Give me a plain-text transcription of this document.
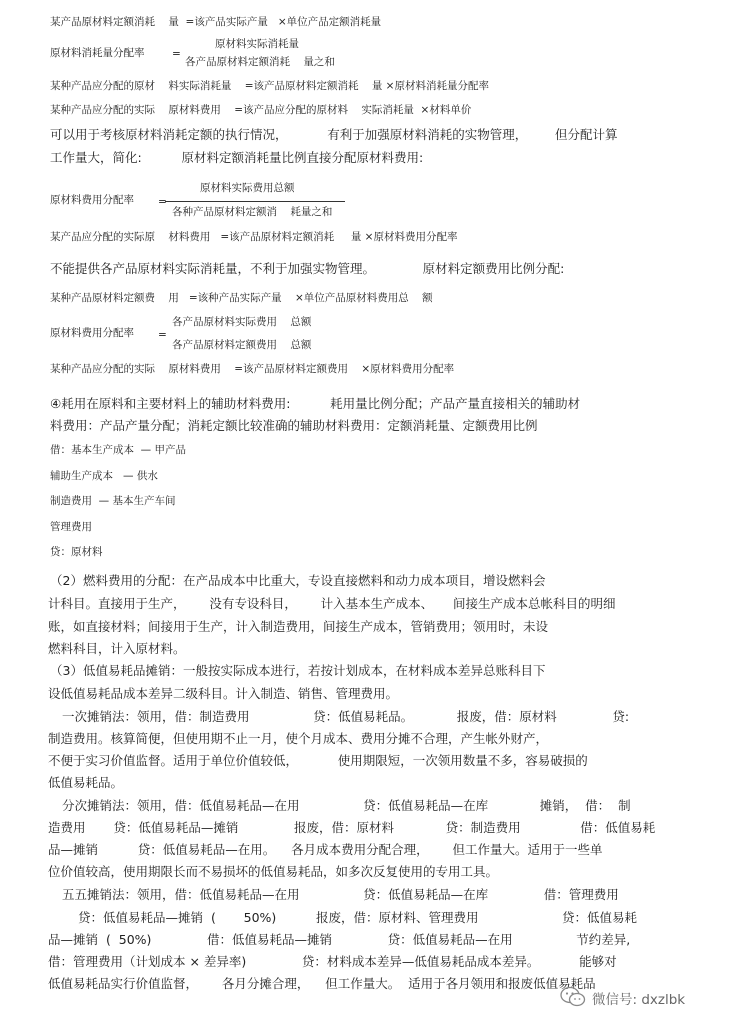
某产品原材料定额消耗    量  =该产品实际产量   ×单位产品定额消耗量
原材料消耗量分配率	=
原材料实际消耗量
各产品原材料定额消耗    量之和
某种产品应分配的原材    料实际消耗量    =该产品原材料定额消耗    量 ×原材料消耗量分配率
某种产品应分配的实际    原材料费用    =该产品应分配的原材料    实际消耗量  ×材料单价
可以用于考核原材料消耗定额的执行情况，          有利于加强原材料消耗的实物管理，       但分配计算
工作量大，简化:          原材料定额消耗量比例直接分配原材料费用:
原材料实际费用总额
原材料费用分配率 =
各种产品原材料定额消    耗量之和
某产品应分配的实际原    材料费用   =该产品原材料定额消耗     量 ×原材料费用分配率
不能提供各产品原材料实际消耗量，不利于加强实物管理。            原材料定额费用比例分配:
某种产品原材料定额费    用   =该种产品实际产量    ×单位产品原材料费用总    额
各产品原材料实际费用    总额
原材料费用分配率 =
各产品原材料定额费用    总额
某种产品应分配的实际    原材料费用    =该产品原材料定额费用    ×原材料费用分配率
④耗用在原料和主要材料上的辅助材料费用:          耗用量比例分配；产品产量直接相关的辅助材
料费用：产品产量分配；消耗定额比较准确的辅助材料费用：定额消耗量、定额费用比例
借：基本生产成本  — 甲产品
辅助生产成本   — 供水
制造费用  — 基本生产车间
管理费用
贷：原材料
（2）燃料费用的分配：在产品成本中比重大，专设直接燃料和动力成本项目，增设燃料会
计科目。直接用于生产，      没有专设科目，      计入基本生产成本、     间接生产成本总帐科目的明细
账，如直接材料；间接用于生产，计入制造费用，间接生产成本，管销费用；领用时，未设
燃料科目，计入原材料。
（3）低值易耗品摊销：一般按实际成本进行，若按计划成本，在材料成本差异总账科目下
设低值易耗品成本差异二级科目。计入制造、销售、管理费用。
一次摊销法：领用，借：制造费用                贷：低值易耗品。           报废，借：原材料              贷:
制造费用。核算简便，但使用期不止一月，使个月成本、费用分摊不合理，产生帐外财产，
不便于实习价值监督。适用于单位价值较低，          使用期限短，一次领用数量不多，容易破损的
低值易耗品。
分次摊销法：领用，借：低值易耗品—在用                贷：低值易耗品—在库             摊销，  借：  制
造费用       贷：低值易耗品—摊销              报废，借：原材料             贷：制造费用               借：低值易耗
品—摊销          贷：低值易耗品—在用。    各月成本费用分配合理，      但工作量大。适用于一些单
位价值较高，使用期限长而不易损坏的低值易耗品，如多次反复使用的专用工具。
五五摊销法：领用，借：低值易耗品—在用                贷：低值易耗品—在库              借：管理费用
贷：低值易耗品—摊销  (       50%)          报废，借：原材料、管理费用                     贷：低值易耗
品—摊销  (  50%)              借：低值易耗品—摊销              贷：低值易耗品—在用                节约差异,
借：管理费用（计划成本 × 差异率)              贷：材料成本差异—低值易耗品成本差异。          能够对
低值易耗品实行价值监督，      各月分摊合理，    但工作量大。  适用于各月领用和报废低值易耗品
微信号: dxzlbk
